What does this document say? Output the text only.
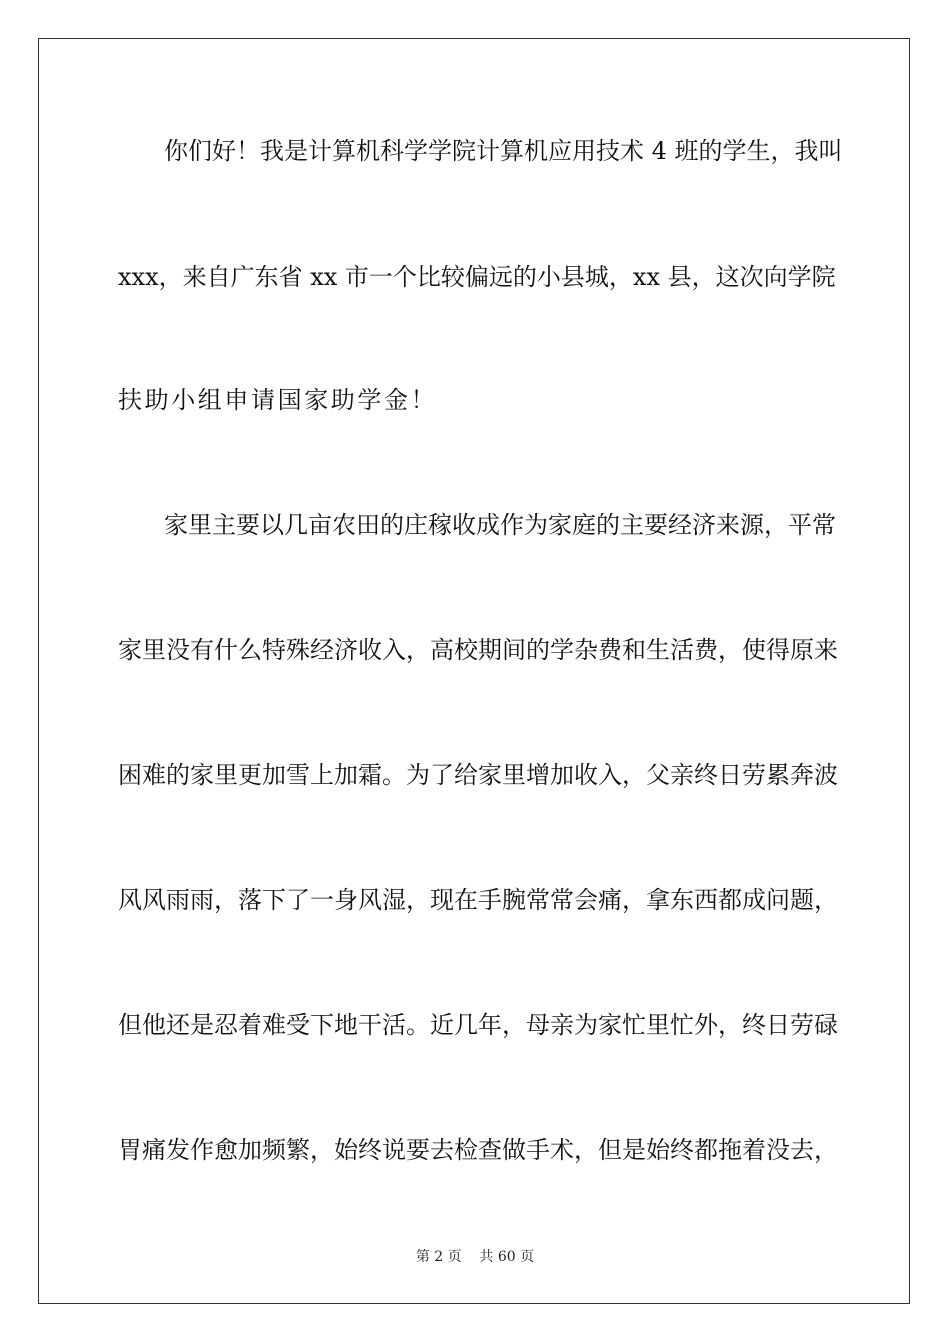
你们好！我是计算机科学学院计算机应用技术 4 班的学生，我叫
xxx，来自广东省 xx 市一个比较偏远的小县城，xx 县，这次向学院
扶助小组申请国家助学金！
家里主要以几亩农田的庄稼收成作为家庭的主要经济来源，平常
家里没有什么特殊经济收入，高校期间的学杂费和生活费，使得原来
困难的家里更加雪上加霜。为了给家里增加收入，父亲终日劳累奔波
风风雨雨，落下了一身风湿，现在手腕常常会痛，拿东西都成问题，
但他还是忍着难受下地干活。近几年，母亲为家忙里忙外，终日劳碌
胃痛发作愈加频繁，始终说要去检查做手术，但是始终都拖着没去，
第 2 页    共 60 页
